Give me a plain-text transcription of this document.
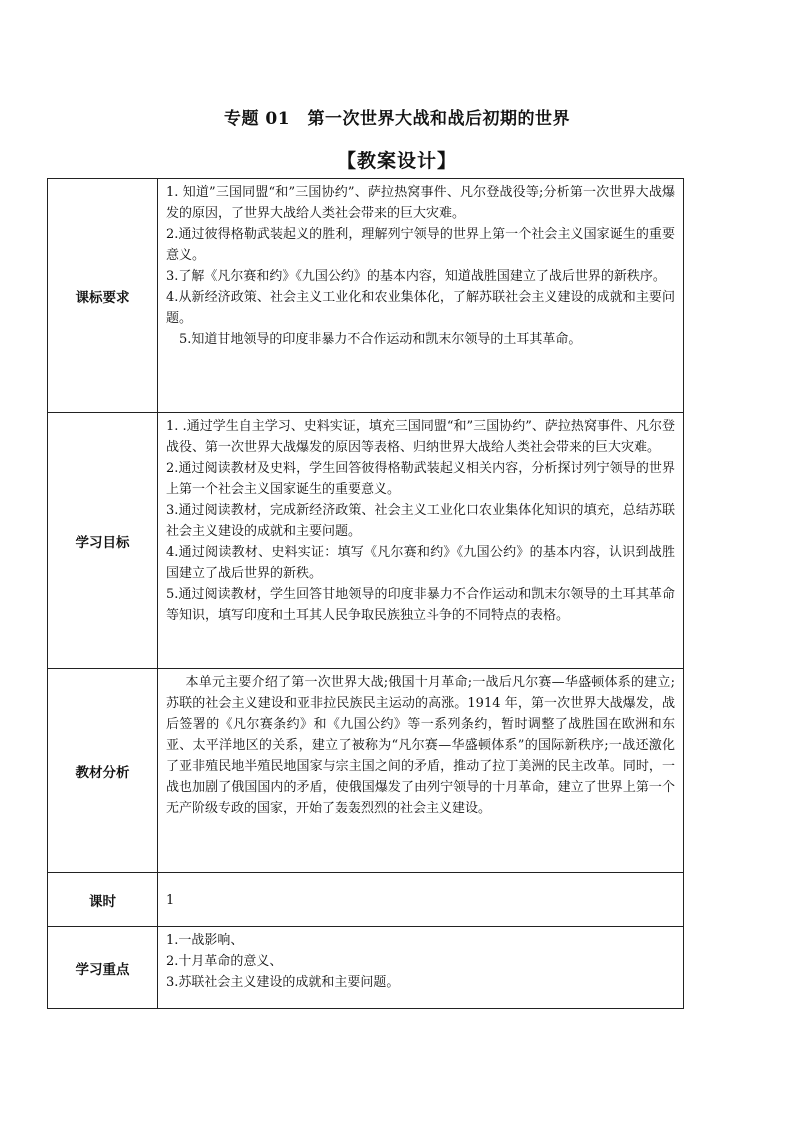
专题 01　第一次世界大战和战后初期的世界
【教案设计】
课标要求	1. 知道”三国同盟“和”三国协约”、萨拉热窝事件、凡尔登战役等;分析第一次世界大战爆发的原因，了世界大战给人类社会带来的巨大灾难。

2.通过彼得格勒武装起义的胜利，理解列宁领导的世界上第一个社会主义国家诞生的重要意义。

3.了解《凡尔赛和约》《九国公约》的基本内容，知道战胜国建立了战后世界的新秩序。

4.从新经济政策、社会主义工业化和农业集体化，了解苏联社会主义建设的成就和主要问题。

　5.知道甘地领导的印度非暴力不合作运动和凯末尔领导的土耳其革命。

学习目标	1. .通过学生自主学习、史料实证，填充三国同盟“和”三国协约”、萨拉热窝事件、凡尔登战役、第一次世界大战爆发的原因等表格、归纳世界大战给人类社会带来的巨大灾难。

2.通过阅读教材及史料，学生回答彼得格勒武装起义相关内容，分析探讨列宁领导的世界上第一个社会主义国家诞生的重要意义。

3.通过阅读教材，完成新经济政策、社会主义工业化口农业集体化知识的填充，总结苏联社会主义建设的成就和主要问题。

4.通过阅读教材、史料实证：填写《凡尔赛和约》《九国公约》的基本内容，认识到战胜国建立了战后世界的新秩。

5.通过阅读教材，学生回答甘地领导的印度非暴力不合作运动和凯末尔领导的土耳其革命等知识，填写印度和土耳其人民争取民族独立斗争的不同特点的表格。

教材分析	本单元主要介绍了第一次世界大战;俄国十月革命;一战后凡尔赛—华盛顿体系的建立;苏联的社会主义建设和亚非拉民族民主运动的高涨。1914 年，第一次世界大战爆发，战后签署的《凡尔赛条约》和《九国公约》等一系列条约，暂时调整了战胜国在欧洲和东亚、太平洋地区的关系，建立了被称为“凡尔赛—华盛顿体系”的国际新秩序;一战还激化了亚非殖民地半殖民地国家与宗主国之间的矛盾，推动了拉丁美洲的民主改革。同时，一战也加剧了俄国国内的矛盾，使俄国爆发了由列宁领导的十月革命，建立了世界上第一个无产阶级专政的国家，开始了轰轰烈烈的社会主义建设。

课时	1
学习重点	1.一战影响、

2.十月革命的意义、

3.苏联社会主义建设的成就和主要问题。
